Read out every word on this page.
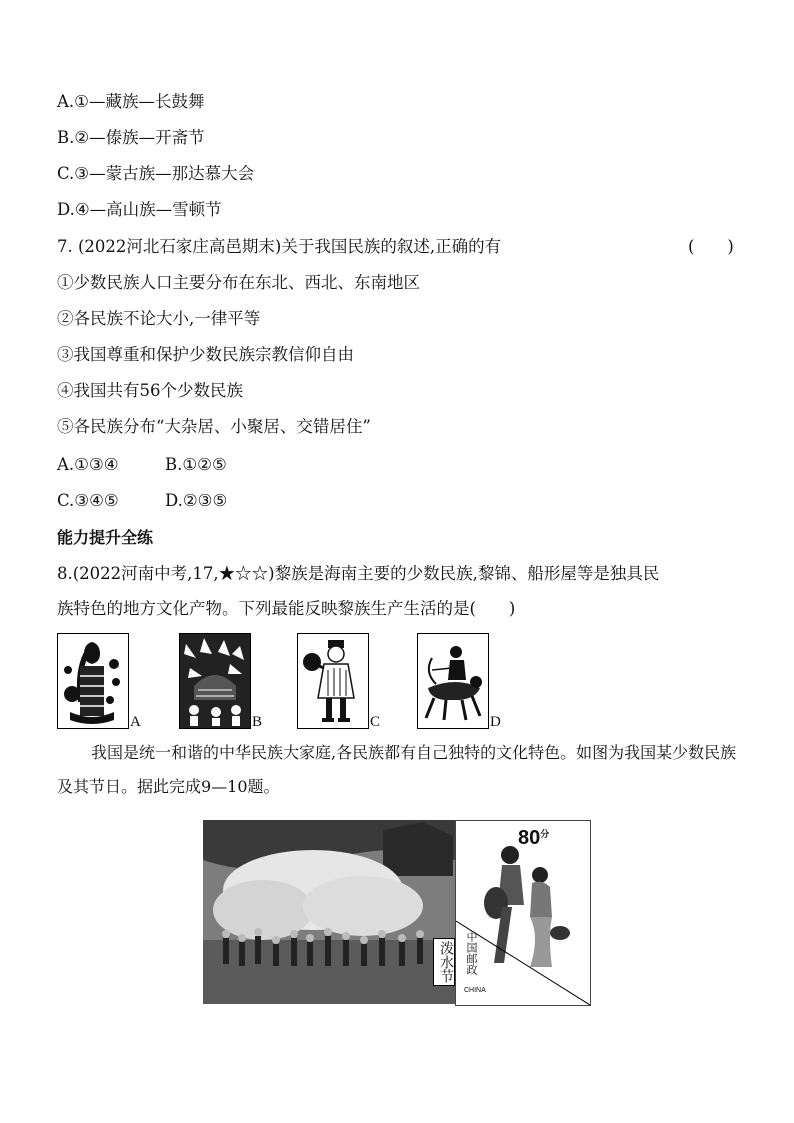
A.①—藏族—长鼓舞
B.②—傣族—开斋节
C.③—蒙古族—那达慕大会
D.④—高山族—雪顿节
7. (2022河北石家庄高邑期末)关于我国民族的叙述,正确的有	(　　)
①少数民族人口主要分布在东北、西北、东南地区
②各民族不论大小,一律平等
③我国尊重和保护少数民族宗教信仰自由
④我国共有56个少数民族
⑤各民族分布“大杂居、小聚居、交错居住”
A.①③④	B.①②⑤
C.③④⑤	D.②③⑤
能力提升全练
8.(2022河南中考,17,★☆☆)黎族是海南主要的少数民族,黎锦、船形屋等是独具民
族特色的地方文化产物。下列最能反映黎族生产生活的是(　　)
A	B	C	D
我国是统一和谐的中华民族大家庭,各民族都有自己独特的文化特色。如图为我国某少数民族及其节日。据此完成9—10题。
泼水节
$80^分$
中国邮政
CHINA
